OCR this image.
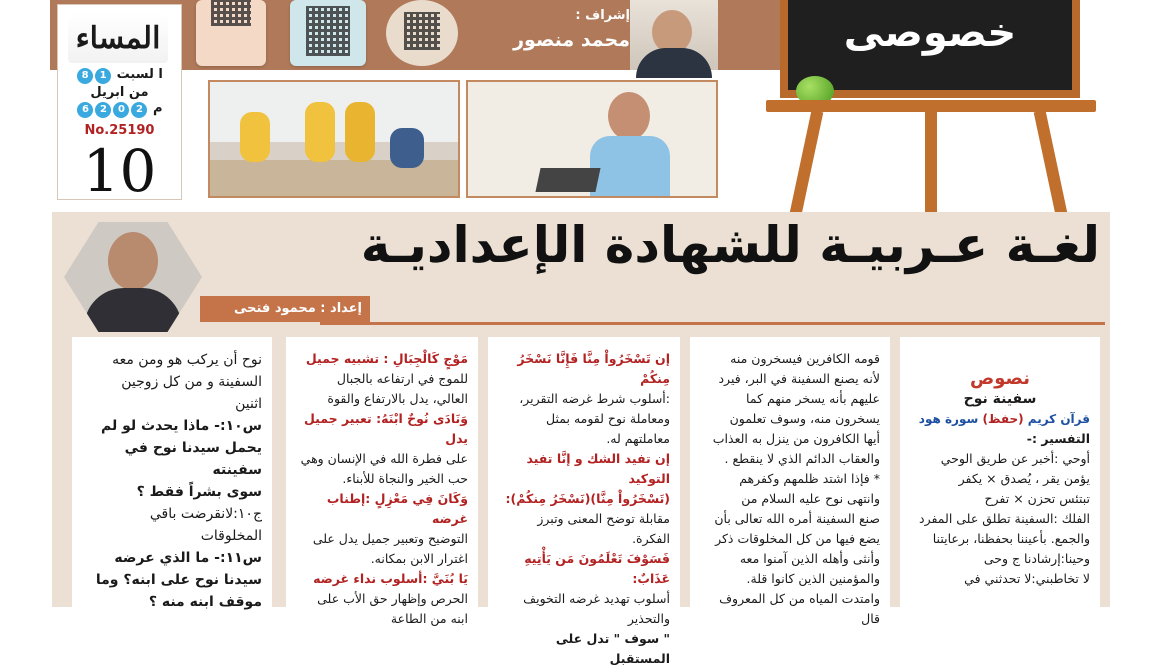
المساء
ا لسبت 18
من ابريل
م 2026
No.25190
10
إشراف :
محمد منصور	خصوصى
لغـة عـربيـة للشهادة الإعداديـة
إعداد : محمود فتحى
نصوص
سفينة نوح
قرآن كريم (حفظ) سورة هود

التفسير :-

أوحي :أخبر عن طريق الوحي

يؤمن يقر ، يُصدق × يكفر

تبتئس تحزن × تفرح

الفلك :السفينة تطلق على المفرد

والجمع. بأعيننا بحفظنا، برعايتنا

وحينا:إرشادنا ج وحى

لا تخاطبني:لا تحدثني في

قومه الكافرين فيسخرون منه

لأنه يصنع السفينة في البر، فيرد

عليهم بأنه يسخر منهم كما

يسخرون منه، وسوف تعلمون

أيها الكافرون من ينزل به العذاب

والعقاب الدائم الذي لا ينقطع .

* فإذا اشتد ظلمهم وكفرهم

وانتهى نوح عليه السلام من

صنع السفينة أمره الله تعالى بأن

يضع فيها من كل المخلوقات ذكر

وأنثى وأهله الذين آمنوا معه

والمؤمنين الذين كانوا قلة.

وامتدت المياه من كل المعروف قال

إن تَسْخَرُواْ مِنَّا فَإِنَّا نَسْخَرُ مِنكُمْ

:أسلوب شرط غرضه التقرير،

ومعاملة نوح لقومه بمثل

معاملتهم له.

إن تفيد الشك و إنَّا تفيد التوكيد

(تَسْخَرُواْ مِنَّا)(نَسْخَرُ مِنكُمْ):

مقابلة توضح المعنى وتبرز

الفكرة.

فَسَوْفَ تَعْلَمُونَ مَن يَأْتِيهِ عَذَابٌ:

أسلوب تهديد غرضه التخويف

والتحذير

" سوف " تدل على المستقبل

مَوْجٍ كَالْجِبَالِ : تشبيه جميل

للموج في ارتفاعه بالجبال

العالي، يدل بالارتفاع والقوة

وَنَادَى نُوحٌ ابْنَهُ: تعبير جميل يدل

على فطرة الله في الإنسان وهي

حب الخير والنجاة للأبناء.

وَكَانَ فِي مَعْزِلٍ :إطناب غرضه

التوضيح وتعبير جميل يدل على

اغترار الابن بمكانه.

يَا بُنَيَّ :أسلوب نداء غرضه

الحرص وإظهار حق الأب على

ابنه من الطاعة

نوح أن يركب هو ومن معه

السفينة و من كل زوجين

اثنين

س١٠:- ماذا يحدث لو لم

يحمل سيدنا نوح في سفينته

سوى بشراً فقط ؟

ج١٠:لانقرضت باقي

المخلوقات

س١١:- ما الذي عرضه

سيدنا نوح على ابنه؟ وما

موقف ابنه منه ؟
